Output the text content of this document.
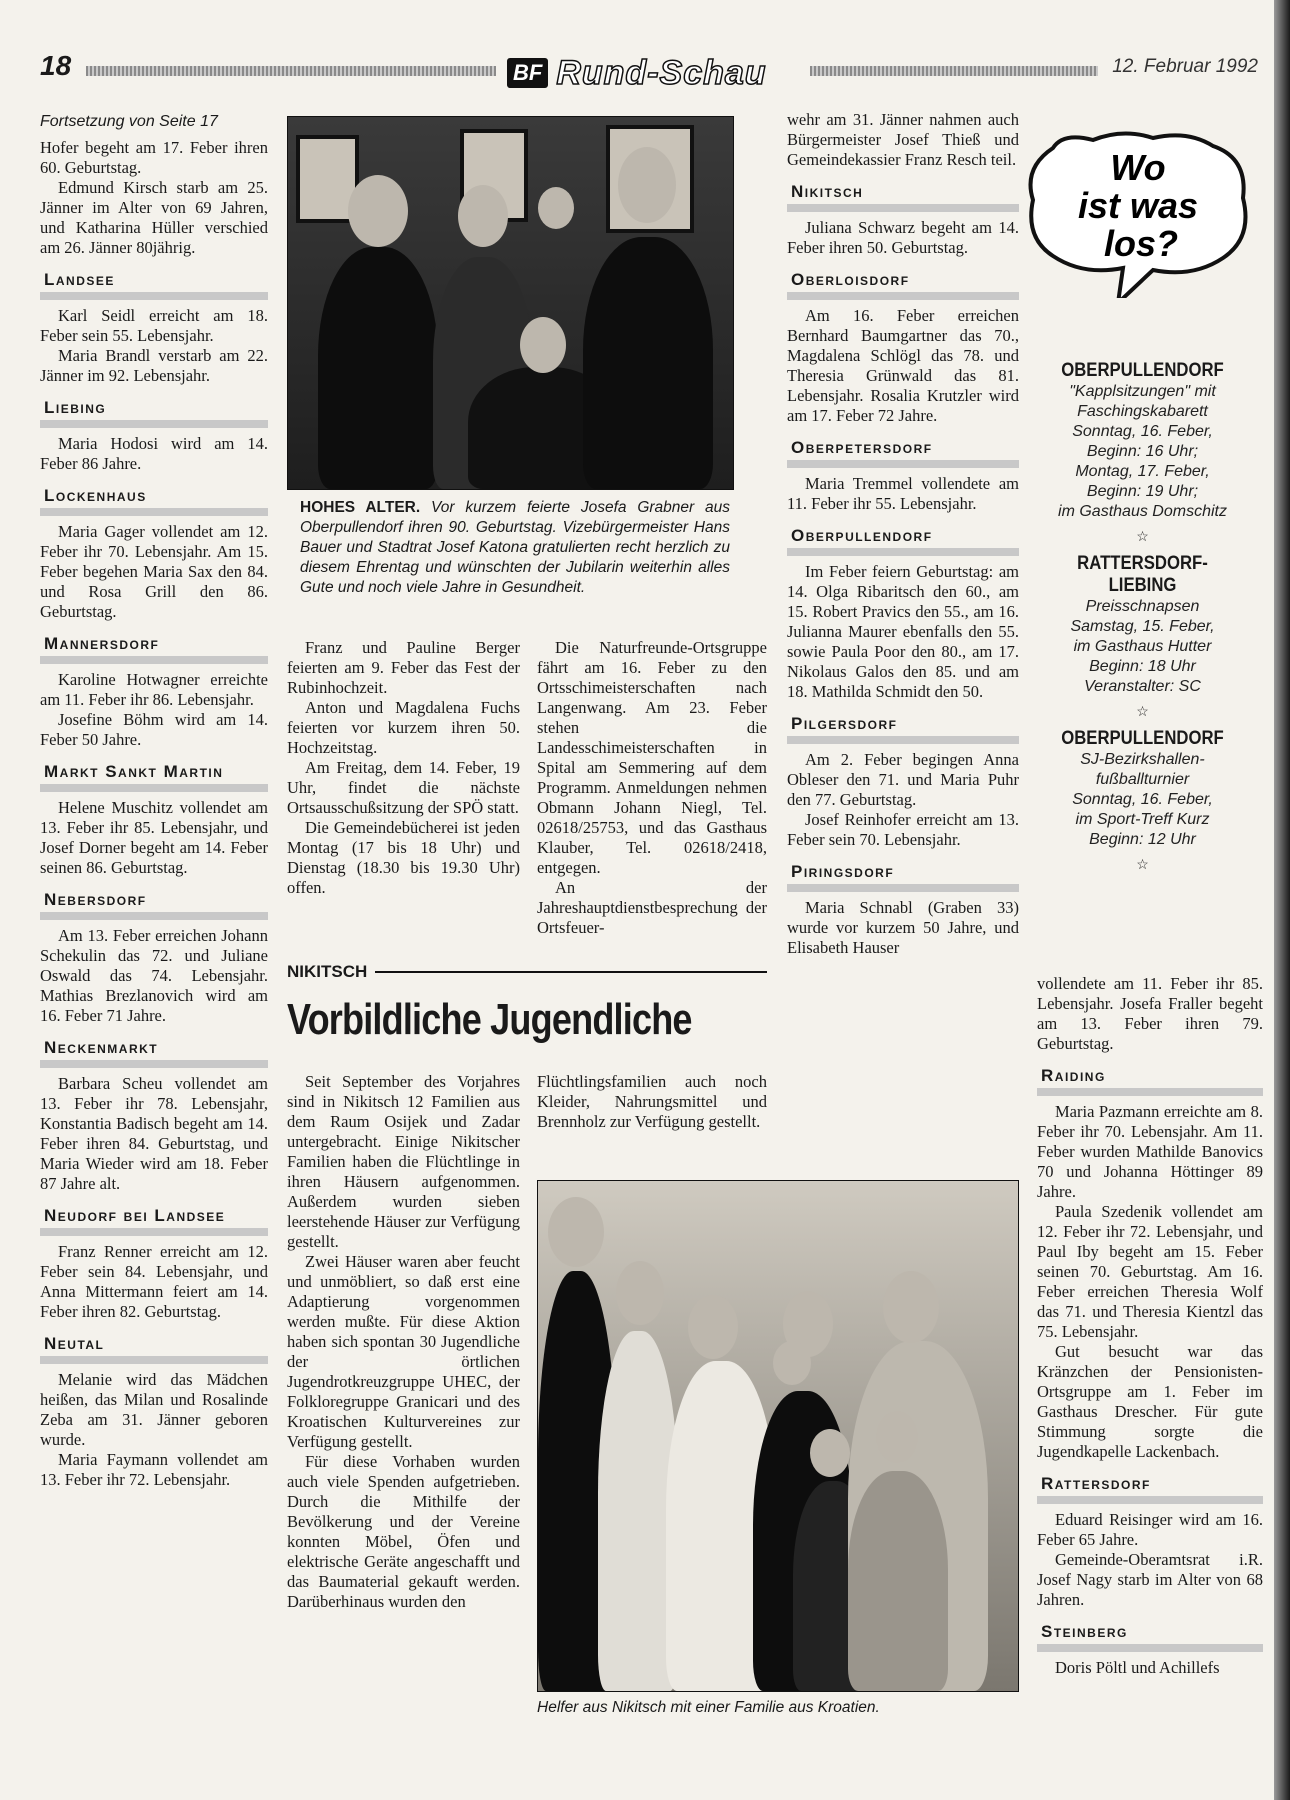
18	BF Rund-Schau	12. Februar 1992
Fortsetzung von Seite 17

Hofer begeht am 17. Feber ihren 60. Geburtstag.

Edmund Kirsch starb am 25. Jänner im Alter von 69 Jahren, und Katharina Hüller verschied am 26. Jänner 80jährig.

Landsee

Karl Seidl erreicht am 18. Feber sein 55. Lebensjahr.

Maria Brandl verstarb am 22. Jänner im 92. Lebensjahr.

Liebing

Maria Hodosi wird am 14. Feber 86 Jahre.

Lockenhaus

Maria Gager vollendet am 12. Feber ihr 70. Lebensjahr. Am 15. Feber begehen Maria Sax den 84. und Rosa Grill den 86. Geburtstag.

Mannersdorf

Karoline Hotwagner erreichte am 11. Feber ihr 86. Lebensjahr.

Josefine Böhm wird am 14. Feber 50 Jahre.

Markt Sankt Martin

Helene Muschitz vollendet am 13. Feber ihr 85. Lebensjahr, und Josef Dorner begeht am 14. Feber seinen 86. Geburtstag.

Nebersdorf

Am 13. Feber erreichen Johann Schekulin das 72. und Juliane Oswald das 74. Lebensjahr. Mathias Brezlanovich wird am 16. Feber 71 Jahre.

Neckenmarkt

Barbara Scheu vollendet am 13. Feber ihr 78. Lebensjahr, Konstantia Badisch begeht am 14. Feber ihren 84. Geburtstag, und Maria Wieder wird am 18. Feber 87 Jahre alt.

Neudorf bei Landsee

Franz Renner erreicht am 12. Feber sein 84. Lebensjahr, und Anna Mittermann feiert am 14. Feber ihren 82. Geburtstag.

Neutal

Melanie wird das Mädchen heißen, das Milan und Rosalinde Zeba am 31. Jänner geboren wurde.

Maria Faymann vollendet am 13. Feber ihr 72. Lebensjahr.

HOHES ALTER. Vor kurzem feierte Josefa Grabner aus Oberpullendorf ihren 90. Geburtstag. Vizebürgermeister Hans Bauer und Stadtrat Josef Katona gratulierten recht herzlich zu diesem Ehrentag und wünschten der Jubilarin weiterhin alles Gute und noch viele Jahre in Gesundheit.

Franz und Pauline Berger feierten am 9. Feber das Fest der Rubinhochzeit.

Anton und Magdalena Fuchs feierten vor kurzem ihren 50. Hochzeitstag.

Am Freitag, dem 14. Feber, 19 Uhr, findet die nächste Ortsausschußsitzung der SPÖ statt.

Die Gemeindebücherei ist jeden Montag (17 bis 18 Uhr) und Dienstag (18.30 bis 19.30 Uhr) offen.

Die Naturfreunde-Ortsgruppe fährt am 16. Feber zu den Ortsschimeisterschaften nach Langenwang. Am 23. Feber stehen die Landesschimeisterschaften in Spital am Semmering auf dem Programm. Anmeldungen nehmen Obmann Johann Niegl, Tel. 02618/25753, und das Gasthaus Klauber, Tel. 02618/2418, entgegen.

An der Jahreshauptdienstbesprechung der Ortsfeuer-

NIKITSCH
Vorbildliche Jugendliche

Seit September des Vorjahres sind in Nikitsch 12 Familien aus dem Raum Osijek und Zadar untergebracht. Einige Nikitscher Familien haben die Flüchtlinge in ihren Häusern aufgenommen. Außerdem wurden sieben leerstehende Häuser zur Verfügung gestellt.

Zwei Häuser waren aber feucht und unmöbliert, so daß erst eine Adaptierung vorgenommen werden mußte. Für diese Aktion haben sich spontan 30 Jugendliche der örtlichen Jugendrotkreuzgruppe UHEC, der Folkloregruppe Granicari und des Kroatischen Kulturvereines zur Verfügung gestellt.

Für diese Vorhaben wurden auch viele Spenden aufgetrieben. Durch die Mithilfe der Bevölkerung und der Vereine konnten Möbel, Öfen und elektrische Geräte angeschafft und das Baumaterial gekauft werden. Darüberhinaus wurden den

Flüchtlingsfamilien auch noch Kleider, Nahrungsmittel und Brennholz zur Verfügung gestellt.

Helfer aus Nikitsch mit einer Familie aus Kroatien.

wehr am 31. Jänner nahmen auch Bürgermeister Josef Thieß und Gemeindekassier Franz Resch teil.

Nikitsch

Juliana Schwarz begeht am 14. Feber ihren 50. Geburtstag.

Oberloisdorf

Am 16. Feber erreichen Bernhard Baumgartner das 70., Magdalena Schlögl das 78. und Theresia Grünwald das 81. Lebensjahr. Rosalia Krutzler wird am 17. Feber 72 Jahre.

Oberpetersdorf

Maria Tremmel vollendete am 11. Feber ihr 55. Lebensjahr.

Oberpullendorf

Im Feber feiern Geburtstag: am 14. Olga Ribaritsch den 60., am 15. Robert Pravics den 55., am 16. Julianna Maurer ebenfalls den 55. sowie Paula Poor den 80., am 17. Nikolaus Galos den 85. und am 18. Mathilda Schmidt den 50.

Pilgersdorf

Am 2. Feber begingen Anna Obleser den 71. und Maria Puhr den 77. Geburtstag.

Josef Reinhofer erreicht am 13. Feber sein 70. Lebensjahr.

Piringsdorf

Maria Schnabl (Graben 33) wurde vor kurzem 50 Jahre, und Elisabeth Hauser

Wo
ist was
los?
OBERPULLENDORF
"Kapplsitzungen" mit
Faschingskabarett
Sonntag, 16. Feber,
Beginn: 16 Uhr;
Montag, 17. Feber,
Beginn: 19 Uhr;
im Gasthaus Domschitz
☆
RATTERSDORF-LIEBING
Preisschnapsen
Samstag, 15. Feber,
im Gasthaus Hutter
Beginn: 18 Uhr
Veranstalter: SC
☆
OBERPULLENDORF
SJ-Bezirkshallen-
fußballturnier
Sonntag, 16. Feber,
im Sport-Treff Kurz
Beginn: 12 Uhr
☆

vollendete am 11. Feber ihr 85. Lebensjahr. Josefa Fraller begeht am 13. Feber ihren 79. Geburtstag.

Raiding

Maria Pazmann erreichte am 8. Feber ihr 70. Lebensjahr. Am 11. Feber wurden Mathilde Banovics 70 und Johanna Höttinger 89 Jahre.

Paula Szedenik vollendet am 12. Feber ihr 72. Lebensjahr, und Paul Iby begeht am 15. Feber seinen 70. Geburtstag. Am 16. Feber erreichen Theresia Wolf das 71. und Theresia Kientzl das 75. Lebensjahr.

Gut besucht war das Kränzchen der Pensionisten-Ortsgruppe am 1. Feber im Gasthaus Drescher. Für gute Stimmung sorgte die Jugendkapelle Lackenbach.

Rattersdorf

Eduard Reisinger wird am 16. Feber 65 Jahre.

Gemeinde-Oberamtsrat i.R. Josef Nagy starb im Alter von 68 Jahren.

Steinberg

Doris Pöltl und Achillefs
